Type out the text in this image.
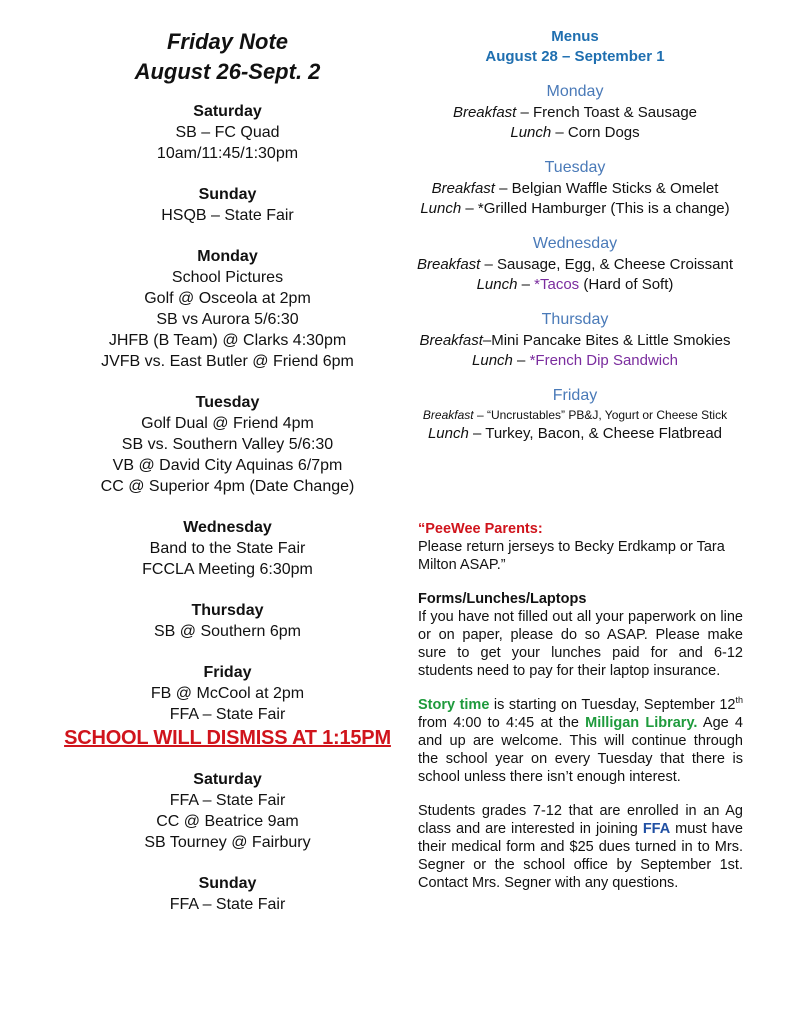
Friday Note
August 26-Sept. 2
Saturday
SB – FC Quad
10am/11:45/1:30pm
Sunday
HSQB – State Fair
Monday
School Pictures
Golf @ Osceola at 2pm
SB vs Aurora 5/6:30
JHFB (B Team) @ Clarks 4:30pm
JVFB vs. East Butler @ Friend 6pm
Tuesday
Golf Dual @ Friend 4pm
SB vs. Southern Valley 5/6:30
VB @ David City Aquinas 6/7pm
CC @ Superior 4pm (Date Change)
Wednesday
Band to the State Fair
FCCLA Meeting 6:30pm
Thursday
SB @ Southern 6pm
Friday
FB @ McCool at 2pm
FFA – State Fair
SCHOOL WILL DISMISS AT 1:15PM
Saturday
FFA – State Fair
CC @ Beatrice 9am
SB Tourney @ Fairbury
Sunday
FFA – State Fair
Menus
August 28 – September 1
Monday
Breakfast – French Toast & Sausage
Lunch – Corn Dogs
Tuesday
Breakfast – Belgian Waffle Sticks & Omelet
Lunch – *Grilled Hamburger (This is a change)
Wednesday
Breakfast – Sausage, Egg, & Cheese Croissant
Lunch – *Tacos (Hard of Soft)
Thursday
Breakfast–Mini Pancake Bites & Little Smokies
Lunch – *French Dip Sandwich
Friday
Breakfast – “Uncrustables” PB&J, Yogurt or Cheese Stick
Lunch – Turkey, Bacon, & Cheese Flatbread

“PeeWee Parents:
Please return jerseys to Becky Erdkamp or Tara Milton ASAP.”

Forms/Lunches/Laptops
If you have not filled out all your paperwork on line or on paper, please do so ASAP. Please make sure to get your lunches paid for and 6-12 students need to pay for their laptop insurance.

Story time is starting on Tuesday, September 12th from 4:00 to 4:45 at the Milligan Library. Age 4 and up are welcome. This will continue through the school year on every Tuesday that there is school unless there isn’t enough interest.

Students grades 7-12 that are enrolled in an Ag class and are interested in joining FFA must have their medical form and $25 dues turned in to Mrs. Segner or the school office by September 1st. Contact Mrs. Segner with any questions.
